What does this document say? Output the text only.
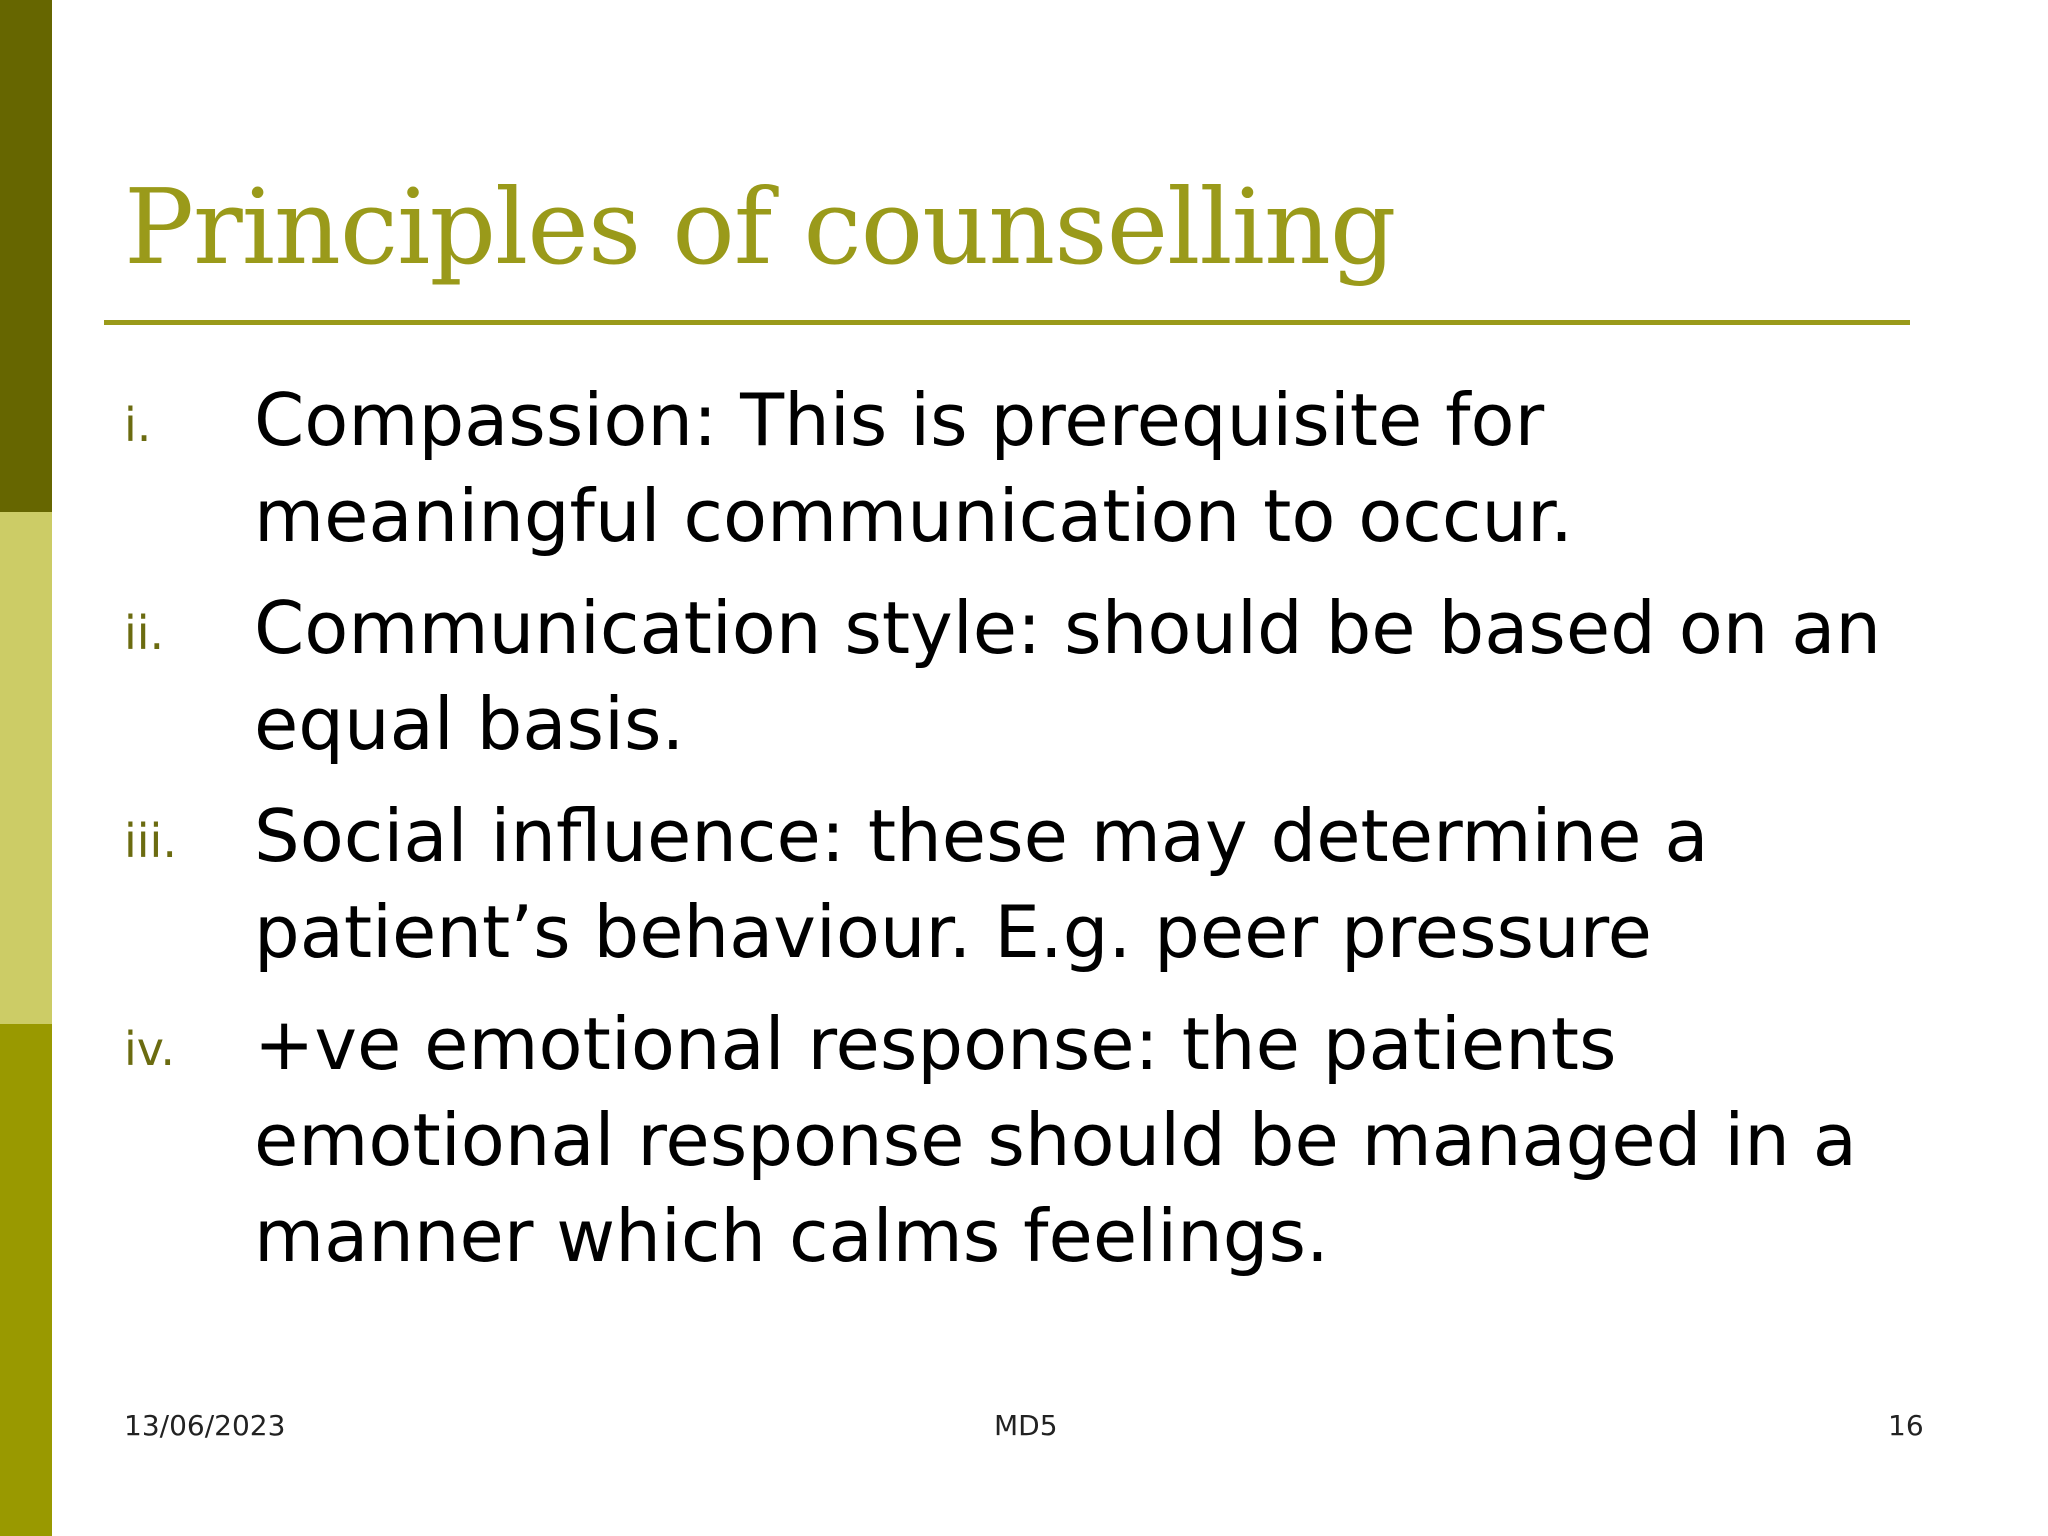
Principles of counselling
i. Compassion: This is prerequisite for meaningful communication to occur.
ii. Communication style: should be based on an equal basis.
iii. Social influence: these may determine a patient’s behaviour. E.g. peer pressure
iv. +ve emotional response: the patients emotional response should be managed in a manner which calms feelings.
13/06/2023	MD5	16
